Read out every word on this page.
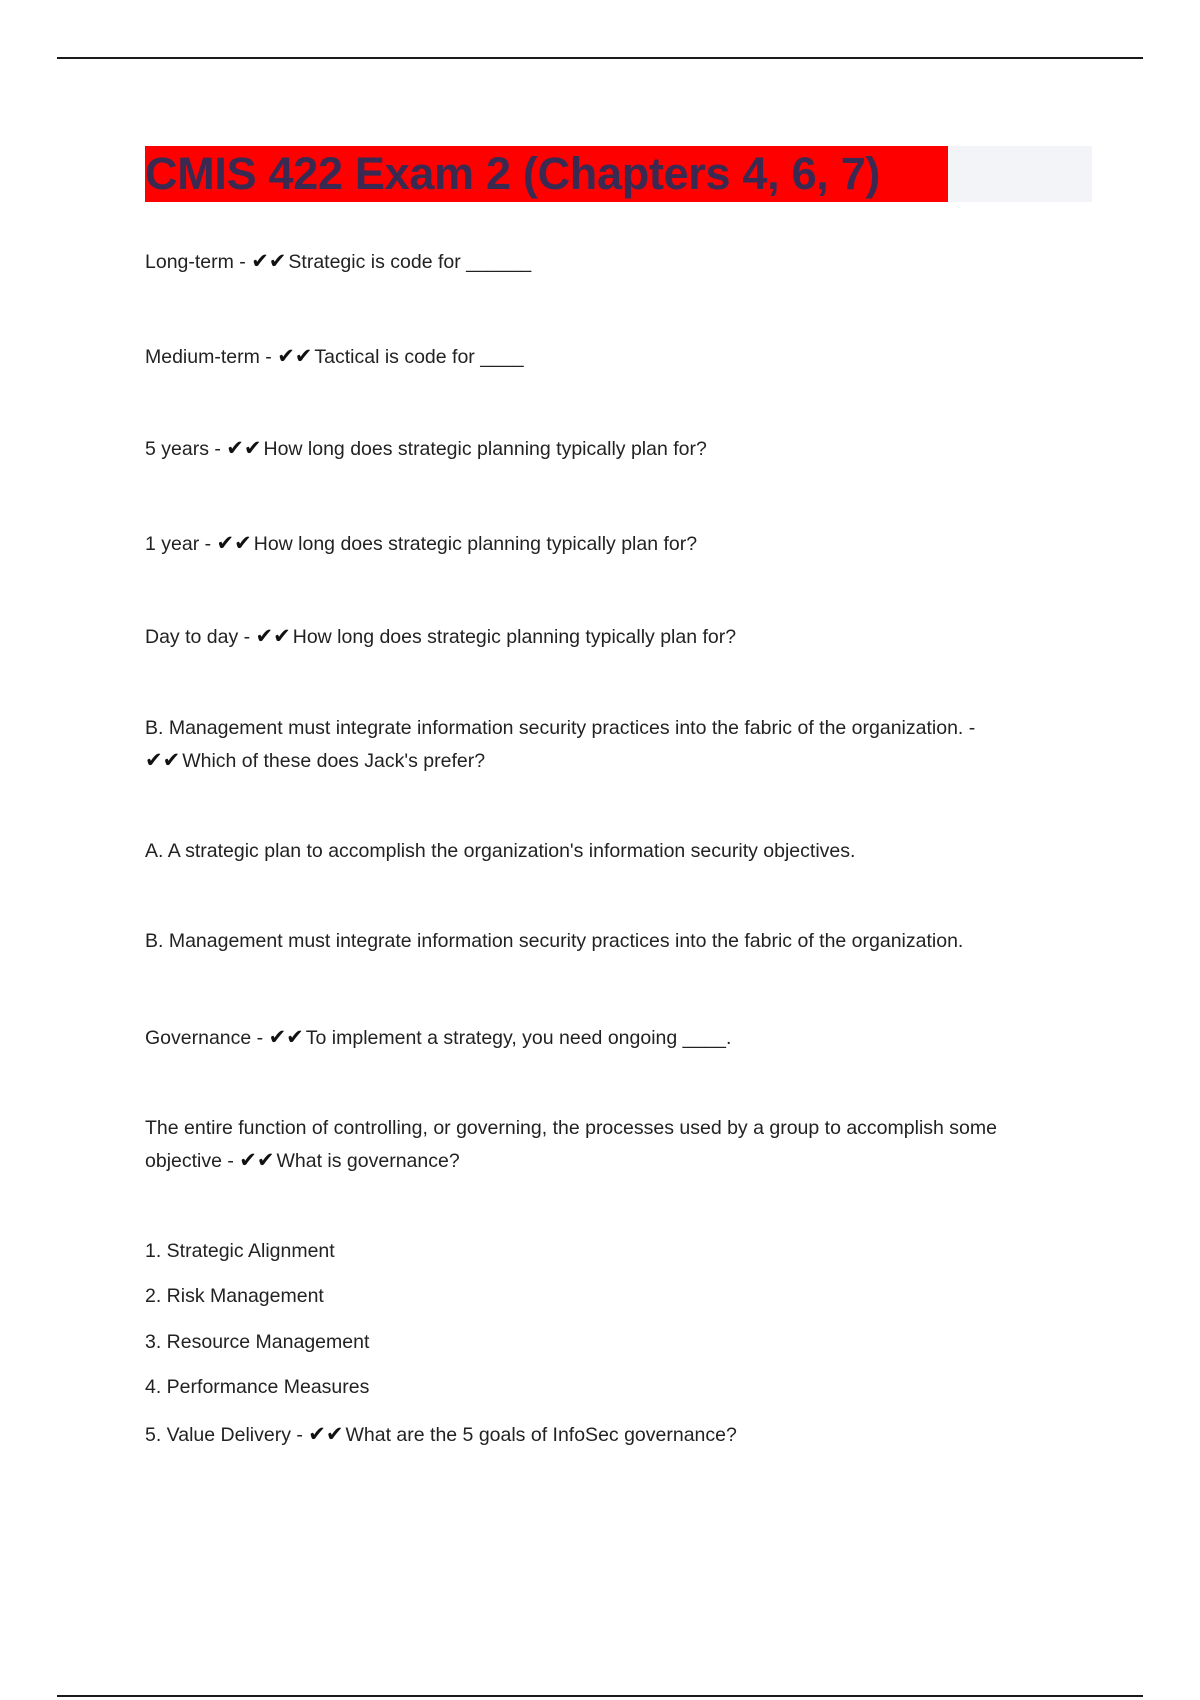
CMIS 422 Exam 2 (Chapters 4, 6, 7)
Long-term - ✔✔ Strategic is code for ______
Medium-term - ✔✔ Tactical is code for ____
5 years - ✔✔ How long does strategic planning typically plan for?
1 year - ✔✔ How long does strategic planning typically plan for?
Day to day - ✔✔ How long does strategic planning typically plan for?
B. Management must integrate information security practices into the fabric of the organization. -
✔✔ Which of these does Jack's prefer?
A. A strategic plan to accomplish the organization's information security objectives.
B. Management must integrate information security practices into the fabric of the organization.
Governance - ✔✔ To implement a strategy, you need ongoing ____.
The entire function of controlling, or governing, the processes used by a group to accomplish some
objective - ✔✔ What is governance?
1. Strategic Alignment
2. Risk Management
3. Resource Management
4. Performance Measures
5. Value Delivery - ✔✔ What are the 5 goals of InfoSec governance?
